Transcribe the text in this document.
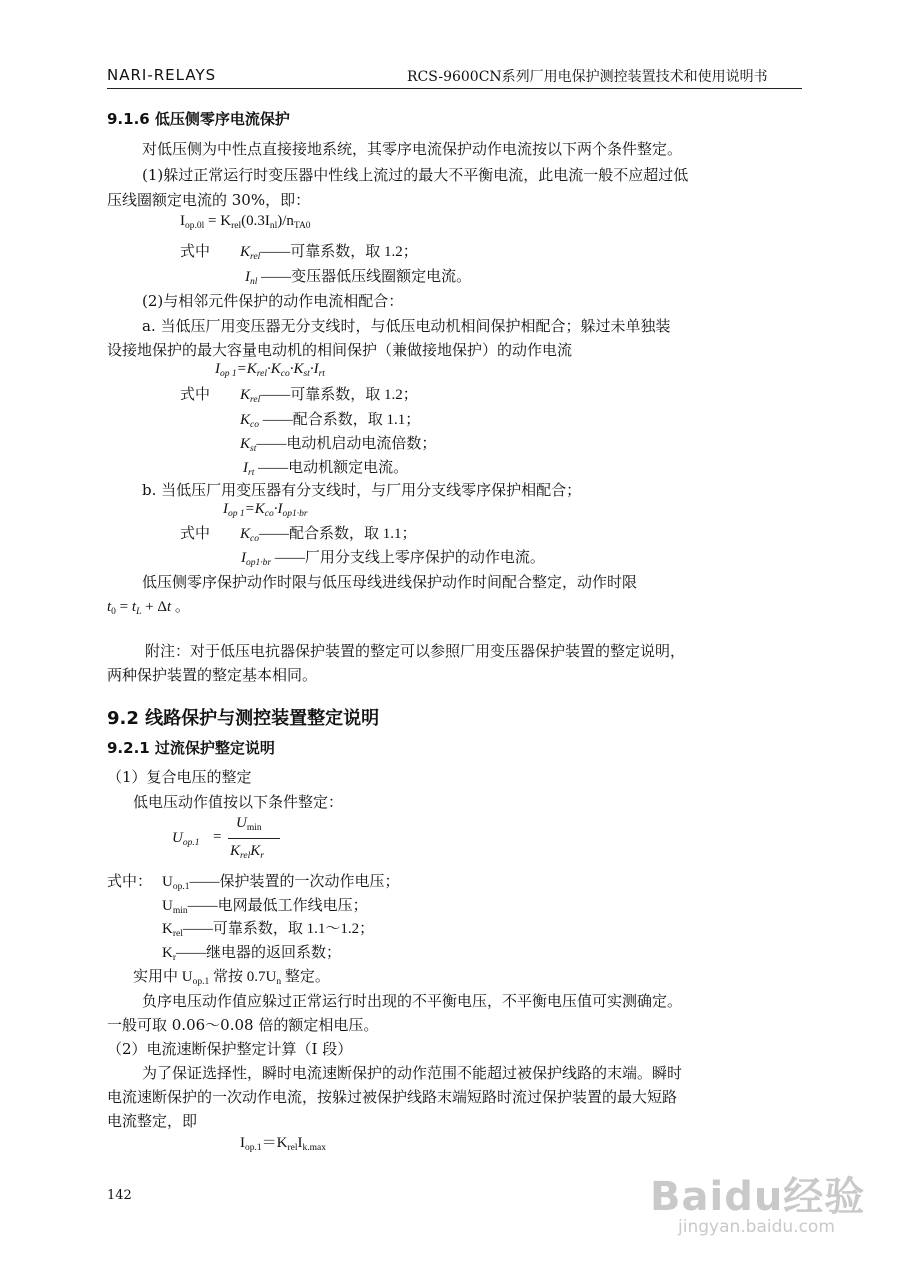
NARI-RELAYS	RCS-9600CN系列厂用电保护测控装置技术和使用说明书
9.1.6 低压侧零序电流保护
对低压侧为中性点直接接地系统，其零序电流保护动作电流按以下两个条件整定。
(1)躲过正常运行时变压器中性线上流过的最大不平衡电流，此电流一般不应超过低
压线圈额定电流的 30%，即：
$I_{op.0l} = K_{rel}(0.3I_{nl})/n_{TA0}$
式中 $K_{rel}——$可靠系数，取 1.2；
$I_{nl}$ ——变压器低压线圈额定电流。
(2)与相邻元件保护的动作电流相配合：
a. 当低压厂用变压器无分支线时，与低压电动机相间保护相配合；躲过未单独装
设接地保护的最大容量电动机的相间保护（兼做接地保护）的动作电流
$I_{op 1}=K_{rel}\cdot K_{co}\cdot K_{st}\cdot I_{rt}$
式中 $K_{rel}——$可靠系数，取 1.2；
$K_{co}$ ——配合系数，取 1.1；
$K_{st}——$电动机启动电流倍数；
$I_{rt}$ ——电动机额定电流。
b. 当低压厂用变压器有分支线时，与厂用分支线零序保护相配合；
$I_{op 1}=K_{co}\cdot I_{op1\cdot br}$
式中 $K_{co}——$配合系数，取 1.1；
$I_{op1\cdot br}$ ——厂用分支线上零序保护的动作电流。
低压侧零序保护动作时限与低压母线进线保护动作时间配合整定，动作时限
$t_0 = t_L + \Delta t$ 。
附注：对于低压电抗器保护装置的整定可以参照厂用变压器保护装置的整定说明，
两种保护装置的整定基本相同。
9.2 线路保护与测控装置整定说明
9.2.1 过流保护整定说明
（1）复合电压的整定
低电压动作值按以下条件整定：
$U_{op.1}$ =
$U_{min}$
$K_{rel}K_r$
式中： $U_{op.1}——$保护装置的一次动作电压；
$U_{min}——$电网最低工作线电压；
$K_{rel}——$可靠系数，取 1.1～1.2；
$K_r——$继电器的返回系数；
实用中 $U_{op.1}$ 常按 $0.7U_n$ 整定。
负序电压动作值应躲过正常运行时出现的不平衡电压，不平衡电压值可实测确定。
一般可取 0.06～0.08 倍的额定相电压。
（2）电流速断保护整定计算（I 段）
为了保证选择性，瞬时电流速断保护的动作范围不能超过被保护线路的末端。瞬时
电流速断保护的一次动作电流，按躲过被保护线路末端短路时流过保护装置的最大短路
电流整定，即
$I_{op.1}=K_{rel}I_{k.max}$
142	Baidu经验
jingyan.baidu.com
